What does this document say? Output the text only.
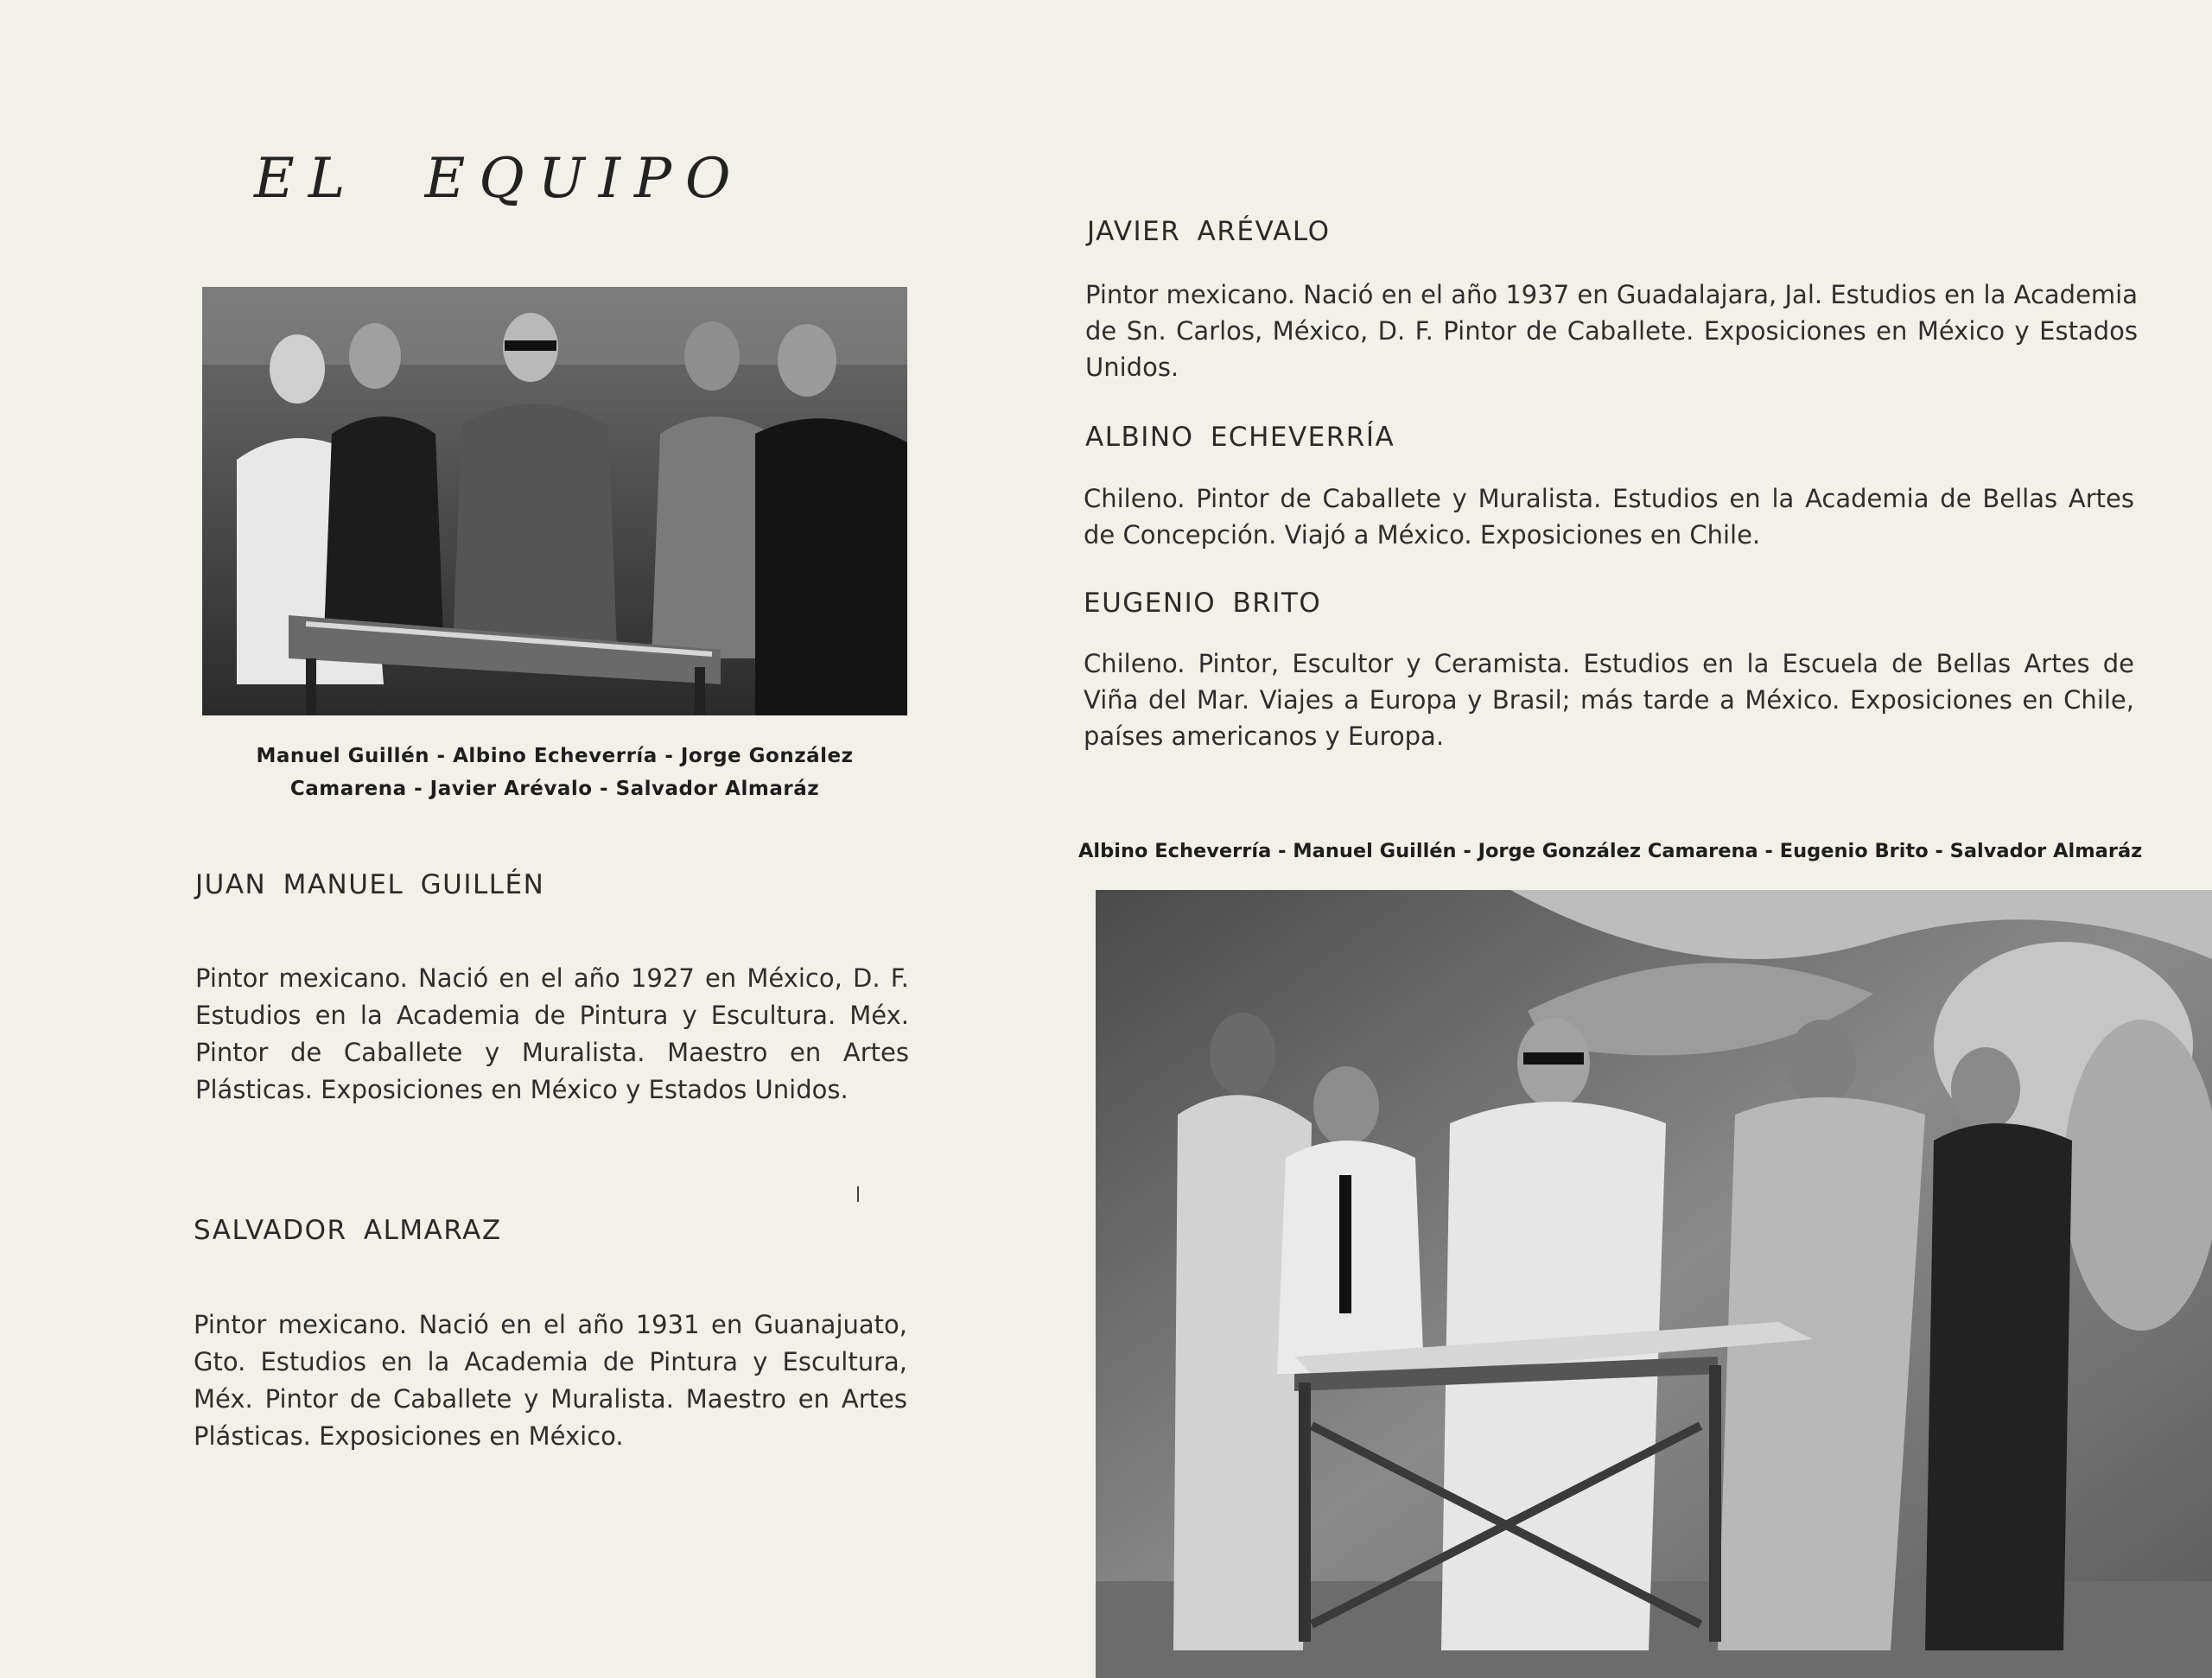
EL EQUIPO

Manuel Guillén - Albino Echeverría - Jorge González Camarena - Javier Arévalo - Salvador Almaráz

JUAN MANUEL GUILLÉN

Pintor mexicano. Nació en el año 1927 en México, D. F. Estudios en la Academia de Pintura y Escultura. Méx. Pintor de Caballete y Muralista. Maestro en Artes Plásticas. Exposiciones en México y Estados Unidos.

SALVADOR ALMARAZ

Pintor mexicano. Nació en el año 1931 en Guanajuato, Gto. Estudios en la Academia de Pintura y Escultura, Méx. Pintor de Caballete y Muralista. Maestro en Artes Plásticas. Exposiciones en México.

JAVIER ARÉVALO

Pintor mexicano. Nació en el año 1937 en Guadalajara, Jal. Estudios en la Academia de Sn. Carlos, México, D. F. Pintor de Caballete. Exposiciones en México y Estados Unidos.

ALBINO ECHEVERRÍA

Chileno. Pintor de Caballete y Muralista. Estudios en la Academia de Bellas Artes de Concepción. Viajó a México. Exposiciones en Chile.

EUGENIO BRITO

Chileno. Pintor, Escultor y Ceramista. Estudios en la Escuela de Bellas Artes de Viña del Mar. Viajes a Europa y Brasil; más tarde a México. Exposiciones en Chile, países americanos y Europa.

Albino Echeverría - Manuel Guillén - Jorge González Camarena - Eugenio Brito - Salvador Almaráz
